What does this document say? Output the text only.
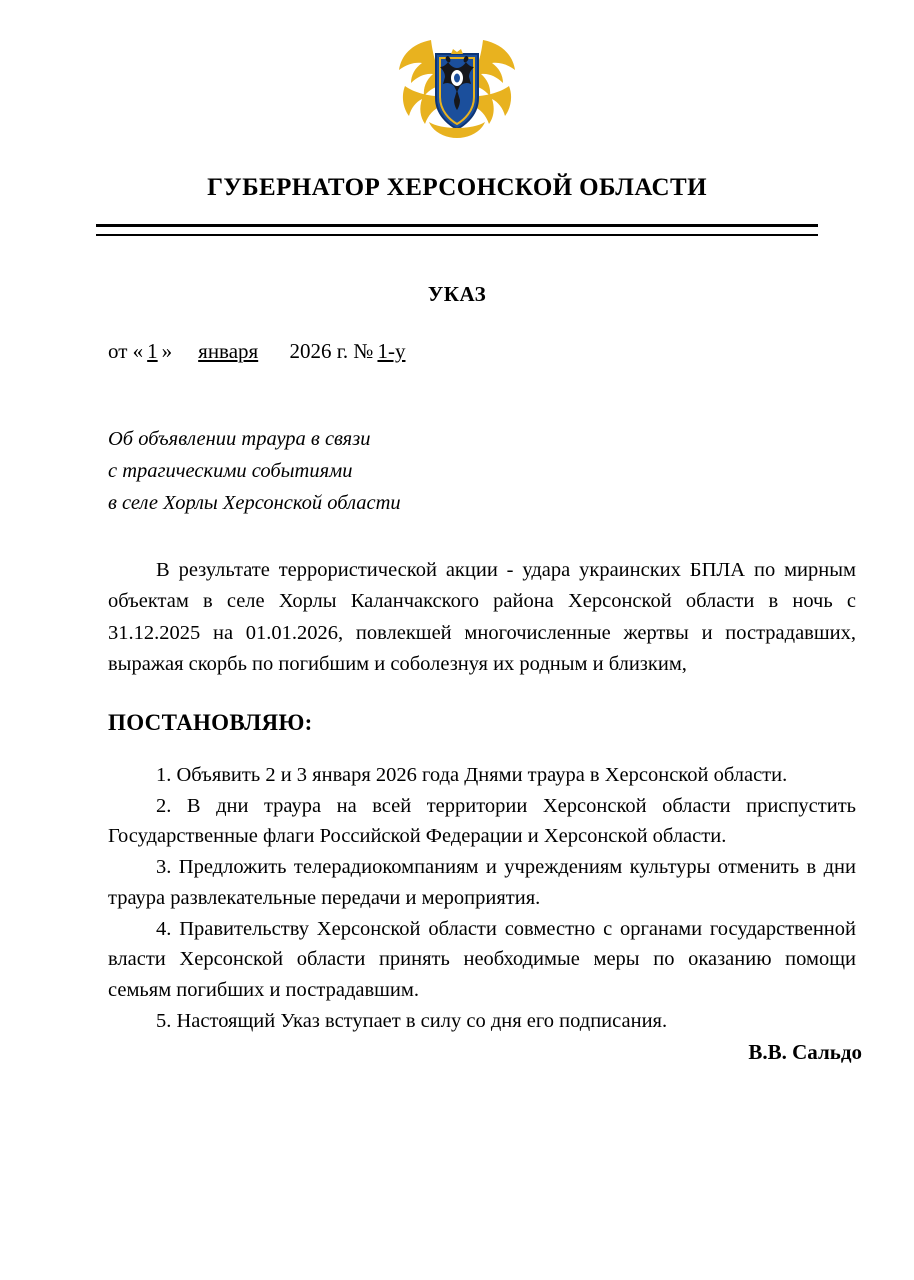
ГУБЕРНАТОР ХЕРСОНСКОЙ ОБЛАСТИ
УКАЗ
от « 1 » января 2026 г. № 1-у
Об объявлении траура в связи
с трагическими событиями
в селе Хорлы Херсонской области
В результате террористической акции - удара украинских БПЛА по мирным объектам в селе Хорлы Каланчакского района Херсонской области в ночь с 31.12.2025 на 01.01.2026, повлекшей многочисленные жертвы и пострадавших, выражая скорбь по погибшим и соболезнуя их родным и близким,
ПОСТАНОВЛЯЮ:
1. Объявить 2 и 3 января 2026 года Днями траура в Херсонской области.
2. В дни траура на всей территории Херсонской области приспустить Государственные флаги Российской Федерации и Херсонской области.
3. Предложить телерадиокомпаниям и учреждениям культуры отменить в дни траура развлекательные передачи и мероприятия.
4. Правительству Херсонской области совместно с органами государственной власти Херсонской области принять необходимые меры по оказанию помощи семьям погибших и пострадавшим.
5. Настоящий Указ вступает в силу со дня его подписания.
В.В. Сальдо
